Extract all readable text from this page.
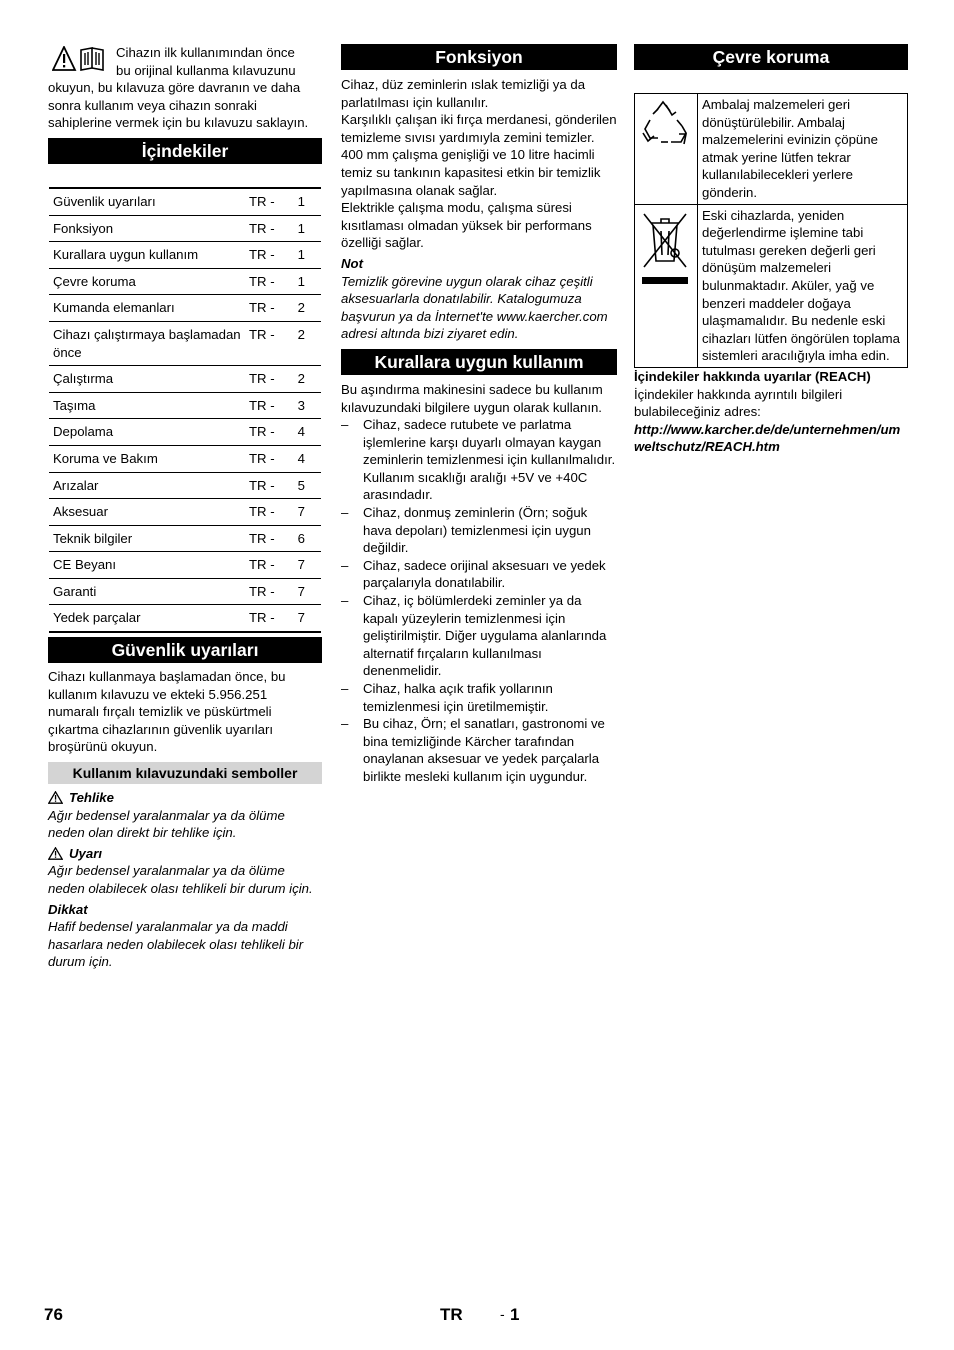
Cihazın ilk kullanımından önce

bu orijinal kullanma kılavuzunu

okuyun, bu kılavuza göre davranın ve daha sonra kullanım veya cihazın sonraki sahiplerine vermek için bu kılavuzu saklayın.

İçindekiler
Güvenlik uyarıları	TR -	1
Fonksiyon	TR -	1
Kurallara uygun kullanım	TR -	1
Çevre koruma	TR -	1
Kumanda elemanları	TR -	2
Cihazı çalıştırmaya başlamadan önce	TR -	2
Çalıştırma	TR -	2
Taşıma	TR -	3
Depolama	TR -	4
Koruma ve Bakım	TR -	4
Arızalar	TR -	5
Aksesuar	TR -	7
Teknik bilgiler	TR -	6
CE Beyanı	TR -	7
Garanti	TR -	7
Yedek parçalar	TR -	7
Güvenlik uyarıları

Cihazı kullanmaya başlamadan önce, bu kullanım kılavuzu ve ekteki 5.956.251 numaralı fırçalı temizlik ve püskürtmeli çıkartma cihazlarının güvenlik uyarıları broşürünü okuyun.

Kullanım kılavuzundaki semboller
Tehlike

Ağır bedensel yaralanmalar ya da ölüme neden olan direkt bir tehlike için.

Uyarı

Ağır bedensel yaralanmalar ya da ölüme neden olabilecek olası tehlikeli bir durum için.

Dikkat

Hafif bedensel yaralanmalar ya da maddi hasarlara neden olabilecek olası tehlikeli bir durum için.

Fonksiyon

Cihaz, düz zeminlerin ıslak temizliği ya da parlatılması için kullanılır.

Karşılıklı çalışan iki fırça merdanesi, gönderilen temizleme sıvısı yardımıyla zemini temizler. 400 mm çalışma genişliği ve 10 litre hacimli temiz su tankının kapasitesi etkin bir temizlik yapılmasına olanak sağlar.

Elektrikle çalışma modu, çalışma süresi kısıtlaması olmadan yüksek bir performans özelliği sağlar.

Not

Temizlik görevine uygun olarak cihaz çeşitli aksesuarlarla donatılabilir. Katalogumuza başvurun ya da İnternet'te www.kaercher.com adresi altında bizi ziyaret edin.

Kurallara uygun kullanım

Bu aşındırma makinesini sadece bu kullanım kılavuzundaki bilgilere uygun olarak kullanın.

– Cihaz, sadece rutubete ve parlatma işlemlerine karşı duyarlı olmayan kaygan zeminlerin temizlenmesi için kullanılmalıdır.
Kullanım sıcaklığı aralığı +5V ve +40C arasındadır.
– Cihaz, donmuş zeminlerin (Örn; soğuk hava depoları) temizlenmesi için uygun değildir.
– Cihaz, sadece orijinal aksesuarı ve yedek parçalarıyla donatılabilir.
– Cihaz, iç bölümlerdeki zeminler ya da kapalı yüzeylerin temizlenmesi için geliştirilmiştir. Diğer uygulama alanlarında alternatif fırçaların kullanılması denenmelidir.
– Cihaz, halka açık trafik yollarının temizlenmesi için üretilmemiştir.
– Bu cihaz, Örn; el sanatları, gastronomi ve bina temizliğinde Kärcher tarafından onaylanan aksesuar ve yedek parçalarla birlikte mesleki kullanım için uygundur.
Çevre koruma
	Ambalaj malzemeleri geri dönüştürülebilir. Ambalaj malzemelerini evinizin çöpüne atmak yerine lütfen tekrar kullanılabilecekleri yerlere gönderin.
	Eski cihazlarda, yeniden değerlendirme işlemine tabi tutulması gereken değerli geri dönüşüm malzemeleri bulunmaktadır. Aküler, yağ ve benzeri maddeler doğaya ulaşmamalıdır. Bu nedenle eski cihazları lütfen öngörülen toplama sistemleri aracılığıyla imha edin.

İçindekiler hakkında uyarılar (REACH)

İçindekiler hakkında ayrıntılı bilgileri bulabileceğiniz adres:

http://www.karcher.de/de/unternehmen/umweltschutz/REACH.htm

76	TR	- 1
